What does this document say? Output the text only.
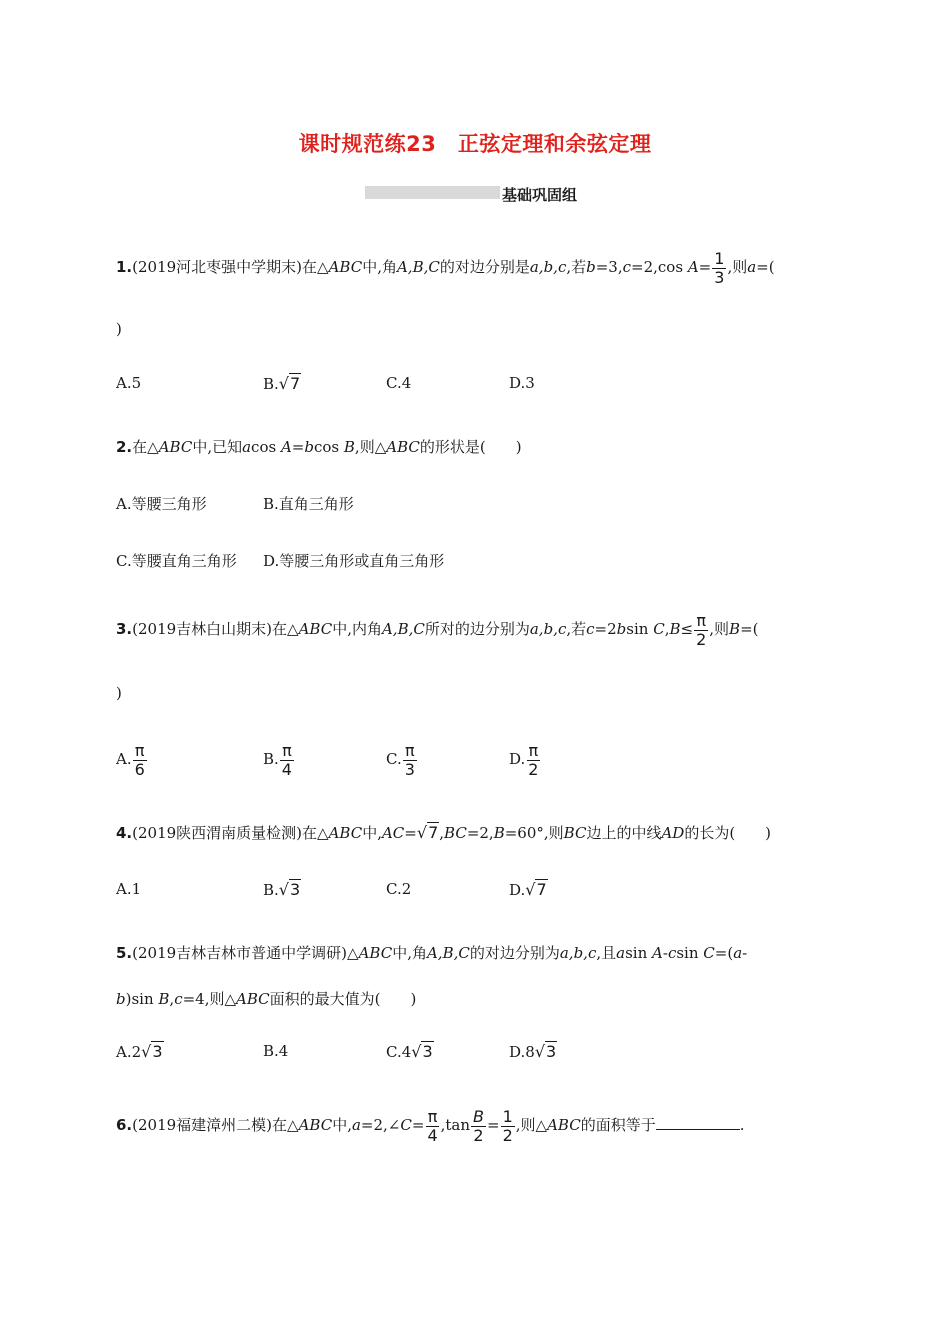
课时规范练23　正弦定理和余弦定理
基础巩固组
1.(2019河北枣强中学期末)在△ABC中,角A,B,C的对边分别是a,b,c,若b=3,c=2,cos $A= \frac{1}{3}$ ,则a=(
)
A.5	B.√7	C.4	D.3
2.在△ABC中,已知acos A=bcos B,则△ABC的形状是(　　)
A.等腰三角形	B.直角三角形
C.等腰直角三角形 D.等腰三角形或直角三角形
3.(2019吉林白山期末)在△ABC中,内角A,B,C所对的边分别为a,b,c,若c=2bsin $C,B\le \frac{\pi}{2}$ ,则B=(
)
A. $\frac{\pi}{6}$	B. $\frac{\pi}{4}$	C. $\frac{\pi}{3}$	D. $\frac{\pi}{2}$
4.(2019陕西渭南质量检测)在△ABC中,AC=√7,BC=2,B=60°,则BC边上的中线AD的长为(　　)
A.1	B.√3	C.2	D.√7
5.(2019吉林吉林市普通中学调研)△ABC中,角A,B,C的对边分别为a,b,c,且asin A-csin C=(a-
b)sin B,c=4,则△ABC面积的最大值为(　　)
A.2√3	B.4	C.4√3	D.8√3
6.(2019福建漳州二模)在△ABC中,a=2,∠C= $\frac{\pi}{4} ,\tan \frac{B}{2} = \frac{1}{2}$ ,则△ABC的面积等于	.
